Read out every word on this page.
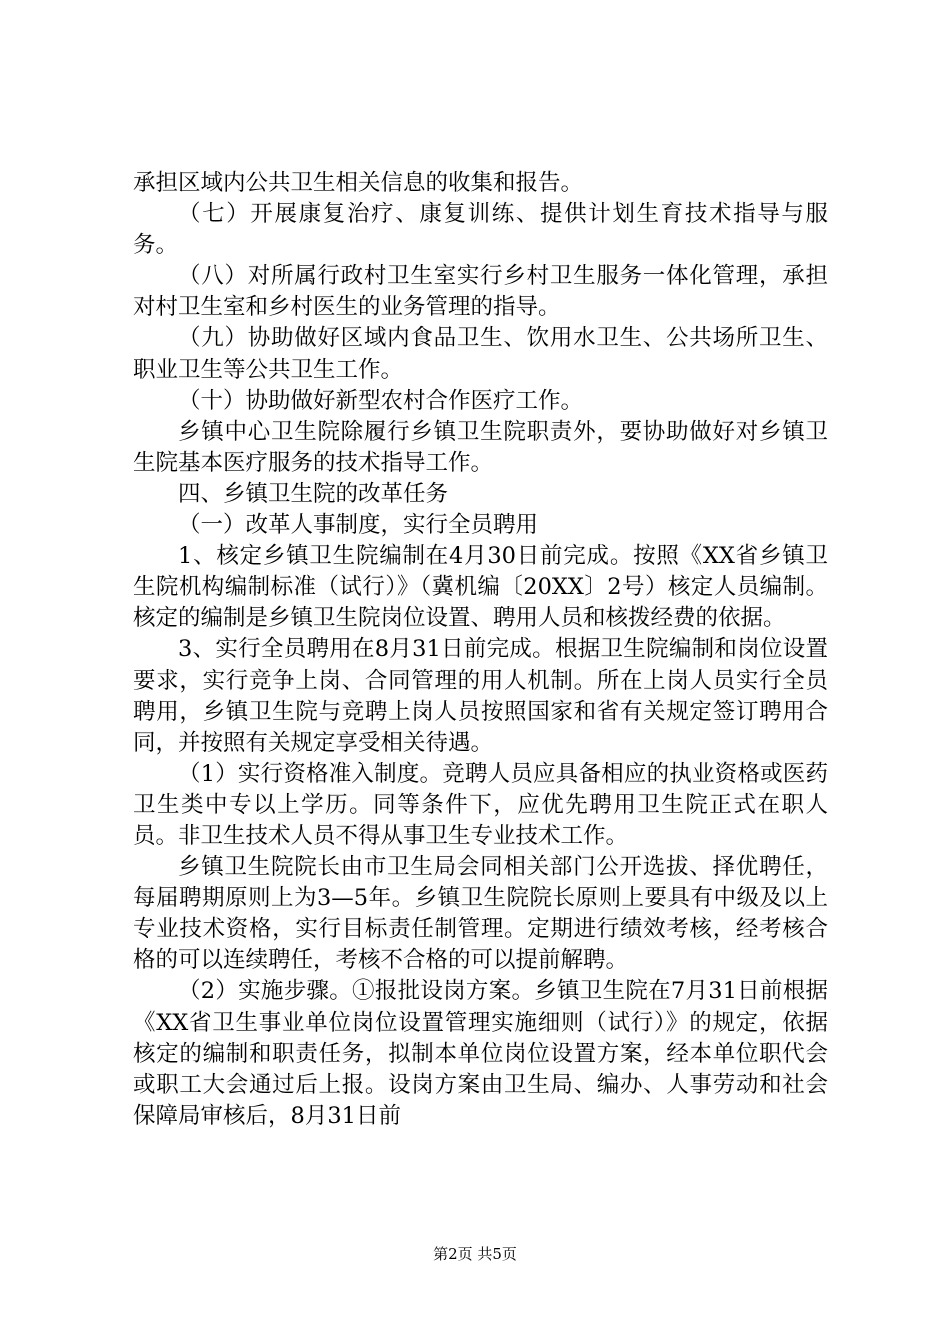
承担区域内公共卫生相关信息的收集和报告。

（七）开展康复治疗、康复训练、提供计划生育技术指导与服务。

（八）对所属行政村卫生室实行乡村卫生服务一体化管理，承担对村卫生室和乡村医生的业务管理的指导。

（九）协助做好区域内食品卫生、饮用水卫生、公共场所卫生、职业卫生等公共卫生工作。

（十）协助做好新型农村合作医疗工作。

乡镇中心卫生院除履行乡镇卫生院职责外，要协助做好对乡镇卫生院基本医疗服务的技术指导工作。

四、乡镇卫生院的改革任务

（一）改革人事制度，实行全员聘用

1、核定乡镇卫生院编制在4月30日前完成。按照《XX省乡镇卫生院机构编制标准（试行）》（冀机编〔20XX〕2号）核定人员编制。核定的编制是乡镇卫生院岗位设置、聘用人员和核拨经费的依据。

3、实行全员聘用在8月31日前完成。根据卫生院编制和岗位设置要求，实行竞争上岗、合同管理的用人机制。所在上岗人员实行全员聘用，乡镇卫生院与竞聘上岗人员按照国家和省有关规定签订聘用合同，并按照有关规定享受相关待遇。

（1）实行资格准入制度。竞聘人员应具备相应的执业资格或医药卫生类中专以上学历。同等条件下，应优先聘用卫生院正式在职人员。非卫生技术人员不得从事卫生专业技术工作。

乡镇卫生院院长由市卫生局会同相关部门公开选拔、择优聘任，每届聘期原则上为3—5年。乡镇卫生院院长原则上要具有中级及以上专业技术资格，实行目标责任制管理。定期进行绩效考核，经考核合格的可以连续聘任，考核不合格的可以提前解聘。

（2）实施步骤。①报批设岗方案。乡镇卫生院在7月31日前根据《XX省卫生事业单位岗位设置管理实施细则（试行）》的规定，依据核定的编制和职责任务，拟制本单位岗位设置方案，经本单位职代会或职工大会通过后上报。设岗方案由卫生局、编办、人事劳动和社会保障局审核后，8月31日前

第2页 共5页
